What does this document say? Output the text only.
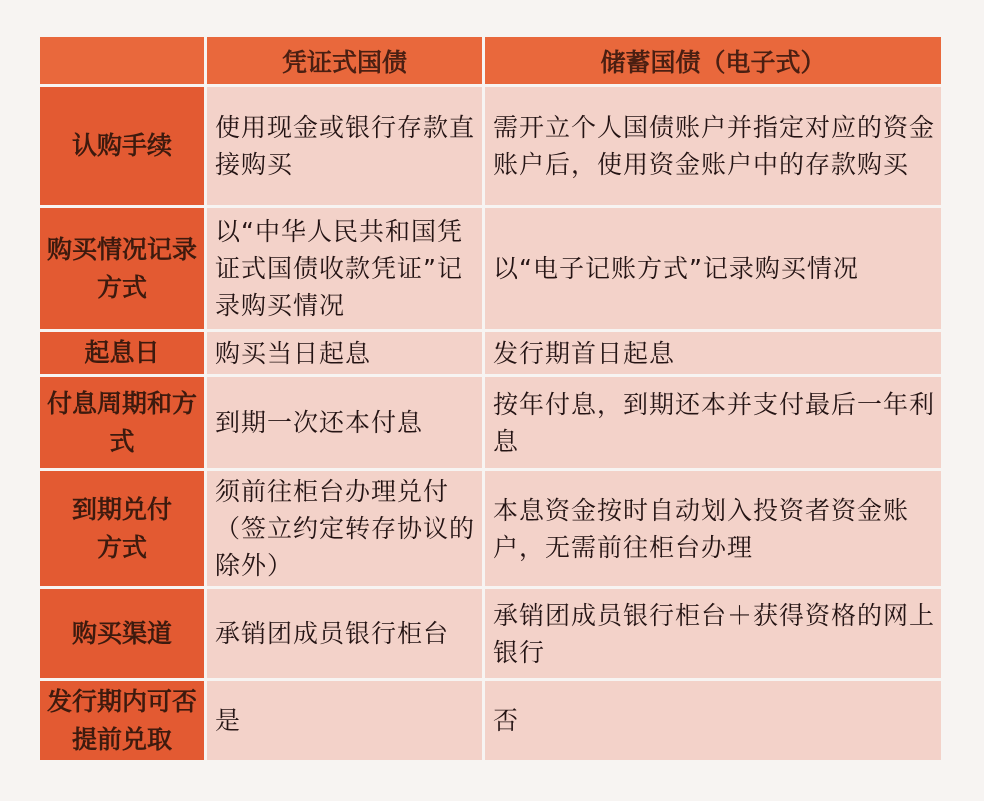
	凭证式国债	储蓄国债（电子式）
认购手续	使用现金或银行存款直接购买	需开立个人国债账户并指定对应的资金账户后，使用资金账户中的存款购买
购买情况记录方式	以“中华人民共和国凭证式国债收款凭证”记录购买情况	以“电子记账方式”记录购买情况
起息日	购买当日起息	发行期首日起息
付息周期和方式	到期一次还本付息	按年付息，到期还本并支付最后一年利息
到期兑付方式	须前往柜台办理兑付（签立约定转存协议的除外）	本息资金按时自动划入投资者资金账户，无需前往柜台办理
购买渠道	承销团成员银行柜台	承销团成员银行柜台＋获得资格的网上银行
发行期内可否提前兑取	是	否
